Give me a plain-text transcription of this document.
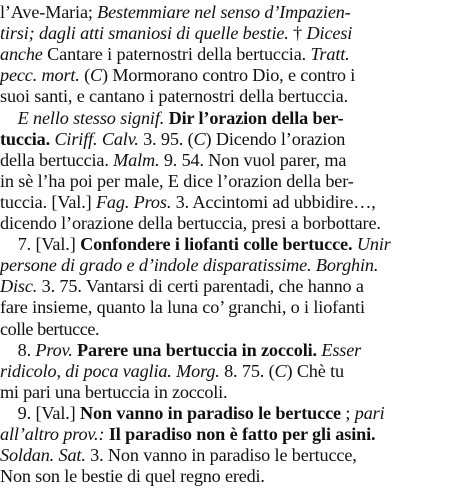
l’Ave-Maria; Bestemmiare nel senso d’Impazien-
tirsi; dagli atti smaniosi di quelle bestie. † Dicesi
anche Cantare i paternostri della bertuccia. Tratt.
pecc. mort. (C) Mormorano contro Dio, e contro i
suoi santi, e cantano i paternostri della bertuccia.
E nello stesso signif. Dir l’orazion della ber-
tuccia. Ciriff. Calv. 3. 95. (C) Dicendo l’orazion
della bertuccia. Malm. 9. 54. Non vuol parer, ma
in sè l’ha poi per male, E dice l’orazion della ber-
tuccia. [Val.] Fag. Pros. 3. Accintomi ad ubbidire…,
dicendo l’orazione della bertuccia, presi a borbottare.
7. [Val.] Confondere i liofanti colle bertucce. Unir
persone di grado e d’indole disparatissime. Borghin.
Disc. 3. 75. Vantarsi di certi parentadi, che hanno a
fare insieme, quanto la luna co’ granchi, o i liofanti
colle bertucce.
8. Prov. Parere una bertuccia in zoccoli. Esser
ridicolo, di poca vaglia. Morg. 8. 75. (C) Chè tu
mi pari una bertuccia in zoccoli.
9. [Val.] Non vanno in paradiso le bertucce ; pari
all’altro prov.: Il paradiso non è fatto per gli asini.
Soldan. Sat. 3. Non vanno in paradiso le bertucce,
Non son le bestie di quel regno eredi.
